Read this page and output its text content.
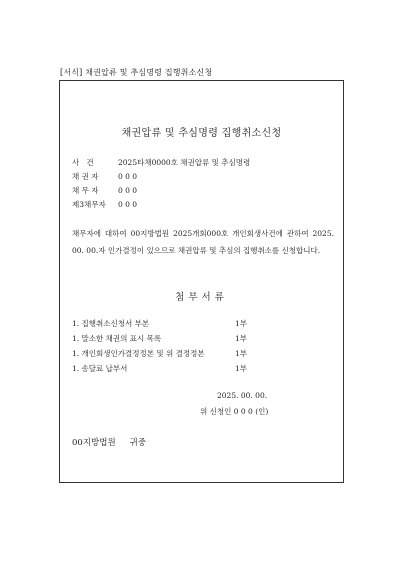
[서식] 채권압류 및 추심명령 집행취소신청
채권압류 및 추심명령 집행취소신청
사   건	2025타채0000호 채권압류 및 추심명령
채 권 자	0 0 0
채 무 자	0 0 0
제3채무자 0 0 0
채무자에 대하여 00지방법원 2025개회000호 개인회생사건에 관하여 2025. 00. 00.자 인가결정이 있으므로 채권압류 및 추심의 집행취소를 신청합니다.
첨부서류
1. 집행취소신청서 부본	1부
1. 말소한 채권의 표시 목록	1부
1. 개인회생인가결정정본 및 위 결정정본	1부
1. 송달료 납부서	1부
2025. 00. 00.
위 신청인 0 0 0 (인)
00지방법원 귀중
